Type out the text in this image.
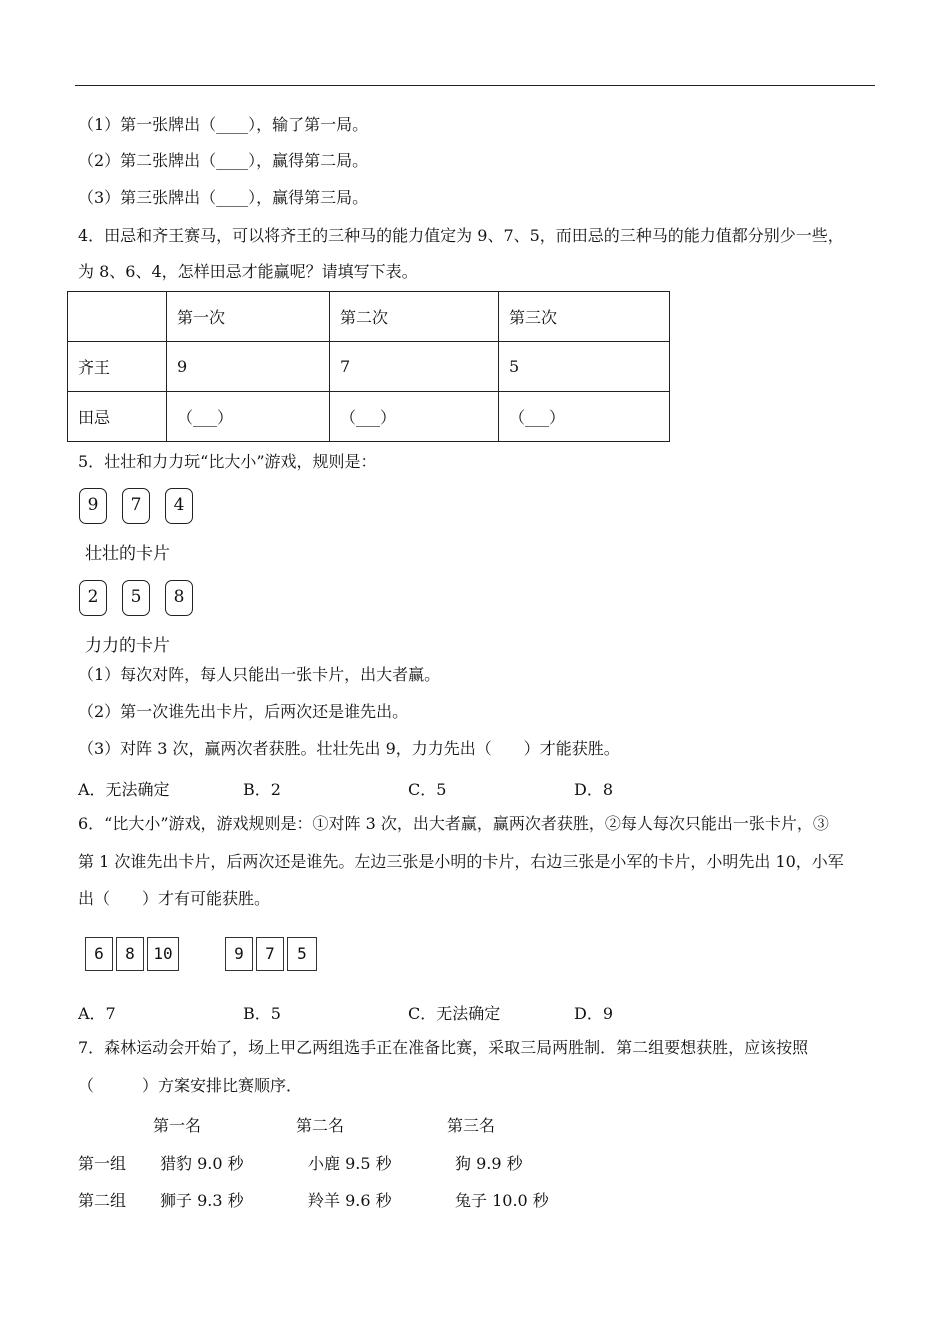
（1）第一张牌出（____），输了第一局。
（2）第二张牌出（____），赢得第二局。
（3）第三张牌出（____），赢得第三局。
4．田忌和齐王赛马，可以将齐王的三种马的能力值定为 9、7、5，而田忌的三种马的能力值都分别少一些，
为 8、6、4，怎样田忌才能赢呢？请填写下表。
	第一次	第二次	第三次
齐王	9	7	5
田忌	（___）	（___）	（___）
5．壮壮和力力玩“比大小”游戏，规则是：
9	7	4
壮壮的卡片
2	5	8
力力的卡片
（1）每次对阵，每人只能出一张卡片，出大者赢。
（2）第一次谁先出卡片，后两次还是谁先出。
（3）对阵 3 次，赢两次者获胜。壮壮先出 9，力力先出（　　）才能获胜。
A．无法确定	B．2	C．5	D．8
6．“比大小”游戏，游戏规则是：①对阵 3 次，出大者赢，赢两次者获胜，②每人每次只能出一张卡片，③
第 1 次谁先出卡片，后两次还是谁先。左边三张是小明的卡片，右边三张是小军的卡片，小明先出 10，小军
出（　　）才有可能获胜。
6	8	10	9	7	5
A．7	B．5	C．无法确定	D．9
7．森林运动会开始了，场上甲乙两组选手正在准备比赛，采取三局两胜制．第二组要想获胜，应该按照
（　　　）方案安排比赛顺序．
第一名	第二名	第三名
第一组 猎豹 9.0 秒	小鹿 9.5 秒	狗 9.9 秒
第二组 狮子 9.3 秒	羚羊 9.6 秒	兔子 10.0 秒
